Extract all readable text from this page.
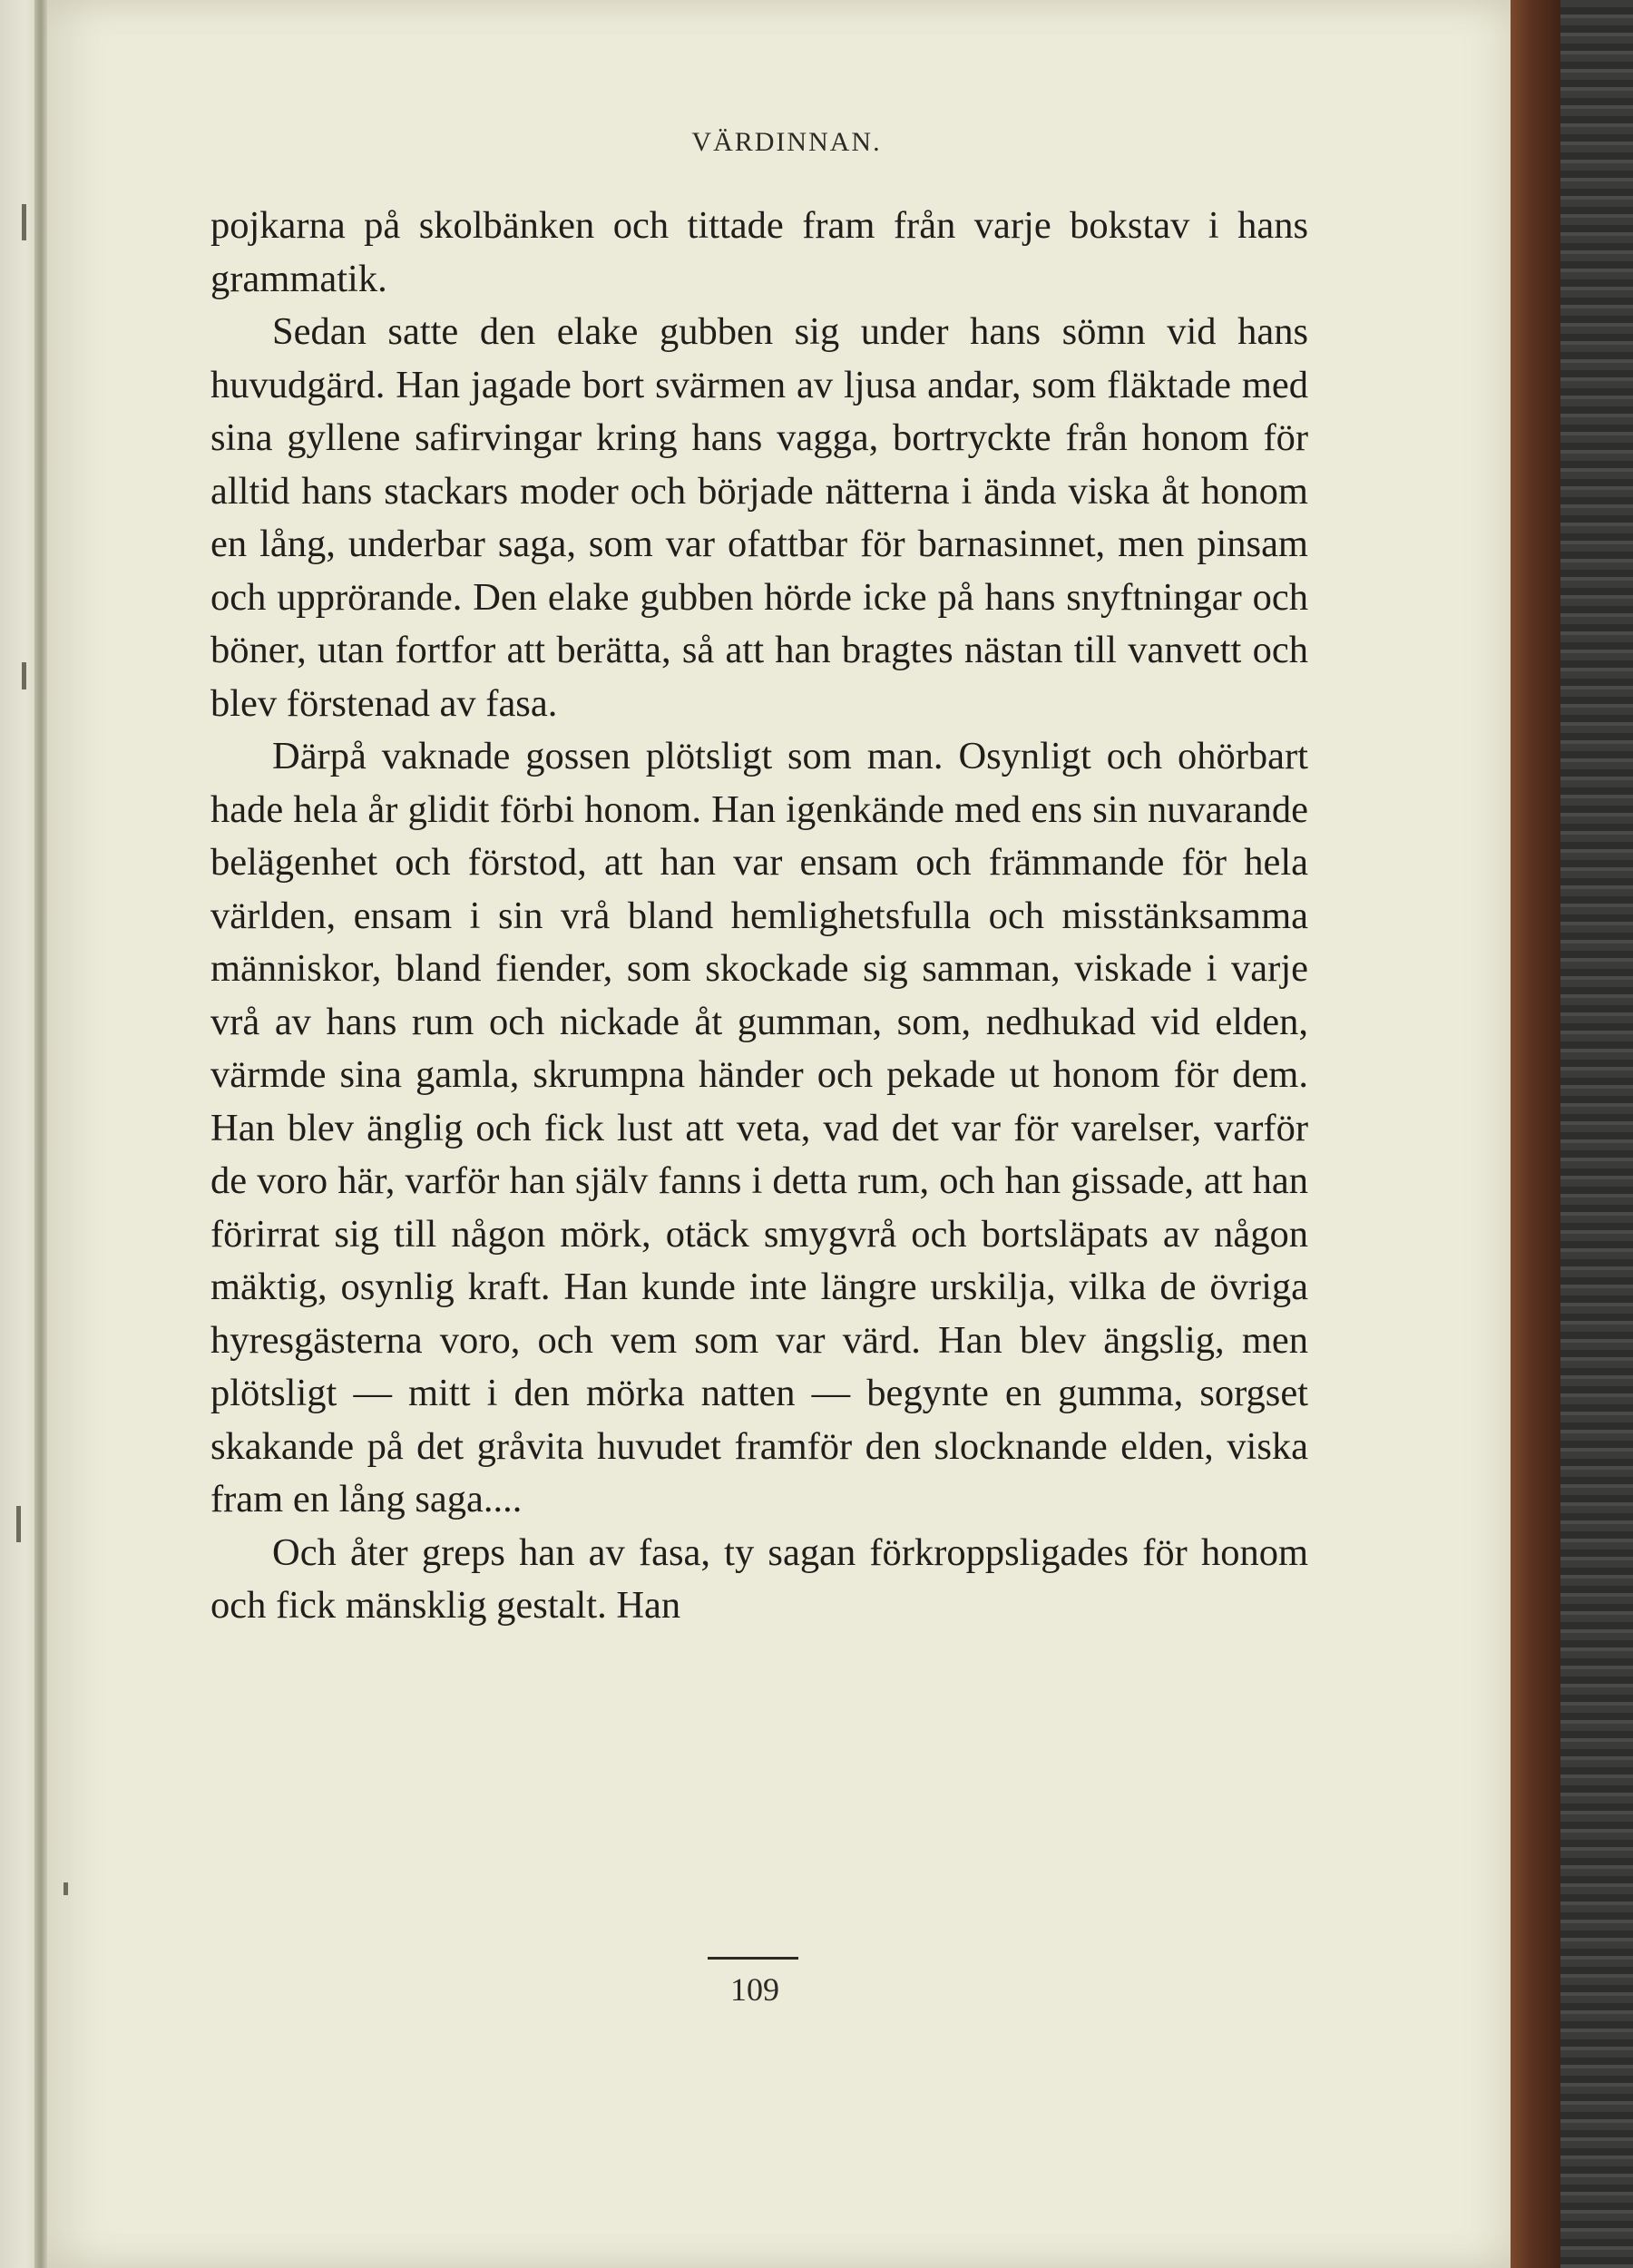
VÄRDINNAN.

pojkarna på skolbänken och tittade fram från varje bokstav i hans grammatik.

Sedan satte den elake gubben sig under hans sömn vid hans huvudgärd. Han jagade bort svärmen av ljusa andar, som fläktade med sina gyllene safirvingar kring hans vagga, bortryckte från honom för alltid hans stackars moder och började nätterna i ända viska åt honom en lång, underbar saga, som var ofattbar för barnasinnet, men pinsam och upprörande. Den elake gubben hörde icke på hans snyftningar och böner, utan fortfor att berätta, så att han bragtes nästan till vanvett och blev förstenad av fasa.

Därpå vaknade gossen plötsligt som man. Osynligt och ohörbart hade hela år glidit förbi honom. Han igenkände med ens sin nuvarande belägenhet och förstod, att han var ensam och främmande för hela världen, ensam i sin vrå bland hemlighetsfulla och misstänksamma människor, bland fiender, som skockade sig samman, viskade i varje vrå av hans rum och nickade åt gumman, som, nedhukad vid elden, värmde sina gamla, skrumpna händer och pekade ut honom för dem. Han blev änglig och fick lust att veta, vad det var för varelser, varför de voro här, varför han själv fanns i detta rum, och han gissade, att han förirrat sig till någon mörk, otäck smygvrå och bortsläpats av någon mäktig, osynlig kraft. Han kunde inte längre urskilja, vilka de övriga hyresgästerna voro, och vem som var värd. Han blev ängslig, men plötsligt — mitt i den mörka natten — begynte en gumma, sorgset skakande på det gråvita huvudet framför den slocknande elden, viska fram en lång saga....

Och åter greps han av fasa, ty sagan förkroppsligades för honom och fick mänsklig gestalt. Han

109
